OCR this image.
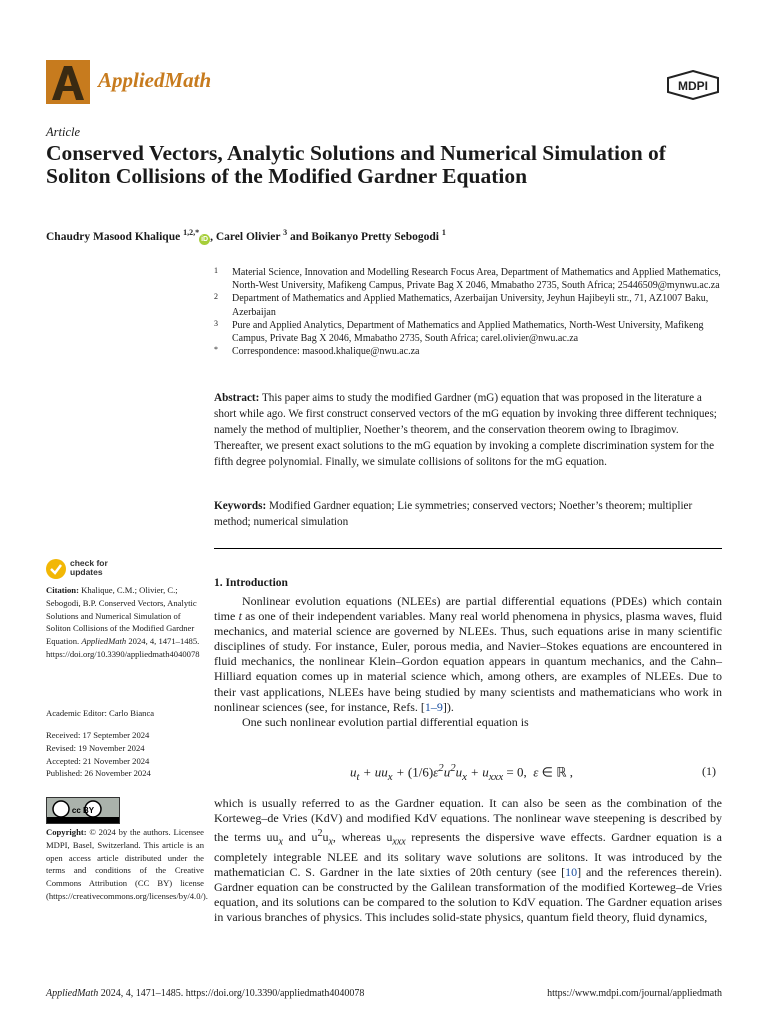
AppliedMath	MDPI
Article
Conserved Vectors, Analytic Solutions and Numerical Simulation of Soliton Collisions of the Modified Gardner Equation
Chaudry Masood Khalique $^{1,2,*}$iD , Carel Olivier $^3$ and Boikanyo Pretty Sebogodi $^1$
1 Material Science, Innovation and Modelling Research Focus Area, Department of Mathematics and Applied Mathematics, North-West University, Mafikeng Campus, Private Bag X 2046, Mmabatho 2735, South Africa; 25446509@mynwu.ac.za
2 Department of Mathematics and Applied Mathematics, Azerbaijan University, Jeyhun Hajibeyli str., 71, AZ1007 Baku, Azerbaijan
3 Pure and Applied Analytics, Department of Mathematics and Applied Mathematics, North-West University, Mafikeng Campus, Private Bag X 2046, Mmabatho 2735, South Africa; carel.olivier@nwu.ac.za
* Correspondence: masood.khalique@nwu.ac.za
Abstract: This paper aims to study the modified Gardner (mG) equation that was proposed in the literature a short while ago. We first construct conserved vectors of the mG equation by invoking three different techniques; namely the method of multiplier, Noether’s theorem, and the conservation theorem owing to Ibragimov. Thereafter, we present exact solutions to the mG equation by invoking a complete discrimination system for the fifth degree polynomial. Finally, we simulate collisions of solitons for the mG equation.
Keywords: Modified Gardner equation; Lie symmetries; conserved vectors; Noether’s theorem; multiplier method; numerical simulation
check for
updates
Citation: Khalique, C.M.; Olivier, C.; Sebogodi, B.P. Conserved Vectors, Analytic Solutions and Numerical Simulation of Soliton Collisions of the Modified Gardner Equation. AppliedMath 2024, 4, 1471–1485. https://doi.org/10.3390/appliedmath4040078
Academic Editor: Carlo Bianca
Received: 17 September 2024
Revised: 19 November 2024
Accepted: 21 November 2024
Published: 26 November 2024
cc BY
Copyright: © 2024 by the authors. Licensee MDPI, Basel, Switzerland. This article is an open access article distributed under the terms and conditions of the Creative Commons Attribution (CC BY) license (https://creativecommons.org/licenses/by/4.0/).
1. Introduction

Nonlinear evolution equations (NLEEs) are partial differential equations (PDEs) which contain time t as one of their independent variables. Many real world phenomena in physics, plasma waves, fluid mechanics, and material science are governed by NLEEs. Thus, such equations arise in many scientific disciplines of study. For instance, Euler, porous media, and Navier–Stokes equations are encountered in fluid mechanics, the nonlinear Klein–Gordon equation appears in quantum mechanics, and the Cahn–Hilliard equation comes up in material science which, among others, are examples of NLEEs. Due to their vast applications, NLEEs have being studied by many scientists and mathematicians who work in nonlinear sciences (see, for instance, Refs. [1–9]).

One such nonlinear evolution partial differential equation is

$u_t + uu_x + (1/6)\varepsilon^2u^2u_x + u_{xxx} = 0$,  ε ∈ ℝ ,	(1)

which is usually referred to as the Gardner equation. It can also be seen as the combination of the Korteweg–de Vries (KdV) and modified KdV equations. The nonlinear wave steepening is described by the terms $uu_x$ and $u^2u_x$, whereas $u_{xxx}$ represents the dispersive wave effects. Gardner equation is a completely integrable NLEE and its solitary wave solutions are solitons. It was introduced by the mathematician C. S. Gardner in the late sixties of 20th century (see [10] and the references therein). Gardner equation can be constructed by the Galilean transformation of the modified Korteweg–de Vries equation, and its solutions can be compared to the solution to KdV equation. The Gardner equation arises in various branches of physics. This includes solid-state physics, quantum field theory, fluid dynamics,

AppliedMath 2024, 4, 1471–1485. https://doi.org/10.3390/appliedmath4040078	https://www.mdpi.com/journal/appliedmath
